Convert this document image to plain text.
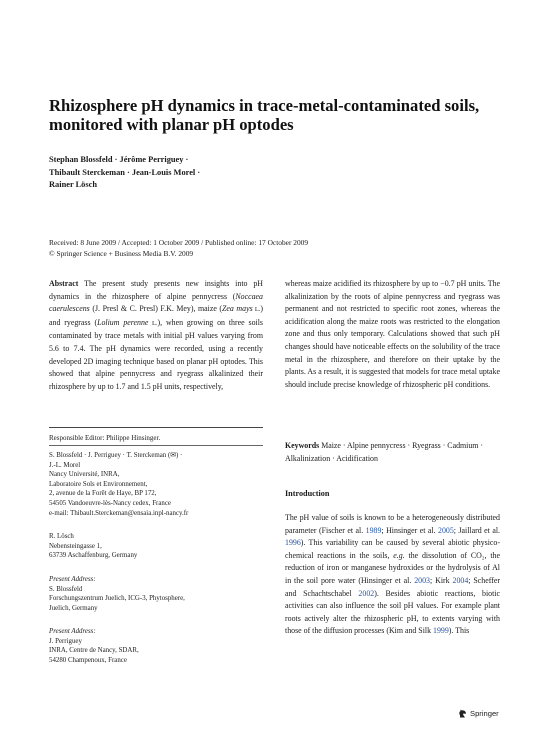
Rhizosphere pH dynamics in trace-metal-contaminated soils, monitored with planar pH optodes
Stephan Blossfeld · Jérôme Perriguey ·
Thibault Sterckeman · Jean-Louis Morel ·
Rainer Lösch
Received: 8 June 2009 / Accepted: 1 October 2009 / Published online: 17 October 2009
© Springer Science + Business Media B.V. 2009
Abstract The present study presents new insights into pH dynamics in the rhizosphere of alpine pennycress (Noccaea caerulescens (J. Presl & C. Presl) F.K. Mey), maize (Zea mays L.) and ryegrass (Lolium perenne L.), when growing on three soils contaminated by trace metals with initial pH values varying from 5.6 to 7.4. The pH dynamics were recorded, using a recently developed 2D imaging technique based on planar pH optodes. This showed that alpine pennycress and ryegrass alkalinized their rhizosphere by up to 1.7 and 1.5 pH units, respectively,
whereas maize acidified its rhizosphere by up to −0.7 pH units. The alkalinization by the roots of alpine pennycress and ryegrass was permanent and not restricted to specific root zones, whereas the acidification along the maize roots was restricted to the elongation zone and thus only temporary. Calculations showed that such pH changes should have noticeable effects on the solubility of the trace metal in the rhizosphere, and therefore on their uptake by the plants. As a result, it is suggested that models for trace metal uptake should include precise knowledge of rhizospheric pH conditions.
Responsible Editor: Philippe Hinsinger.
S. Blossfeld · J. Perriguey · T. Sterckeman (✉) ·
J.-L. Morel
Nancy Université, INRA,
Laboratoire Sols et Environnement,
2, avenue de la Forêt de Haye, BP 172,
54505 Vandoeuvre-lès-Nancy cedex, France
e-mail: Thibault.Sterckeman@ensaia.inpl-nancy.fr
R. Lösch
Nebensteingasse 1,
63739 Aschaffenburg, Germany
Present Address:
S. Blossfeld
Forschungszentrum Juelich, ICG-3, Phytosphere,
Juelich, Germany
Present Address:
J. Perriguey
INRA, Centre de Nancy, SDAR,
54280 Champenoux, France
Keywords Maize · Alpine pennycress · Ryegrass · Cadmium · Alkalinization · Acidification
Introduction
The pH value of soils is known to be a heterogeneously distributed parameter (Fischer et al. 1989; Hinsinger et al. 2005; Jaillard et al. 1996). This variability can be caused by several abiotic physico-chemical reactions in the soils, e.g. the dissolution of CO₂, the reduction of iron or manganese hydroxides or the hydrolysis of Al in the soil pore water (Hinsinger et al. 2003; Kirk 2004; Scheffer and Schachtschabel 2002). Besides abiotic reactions, biotic activities can also influence the soil pH values. For example plant roots actively alter the rhizospheric pH, to extents varying with those of the diffusion processes (Kim and Silk 1999). This
Springer
